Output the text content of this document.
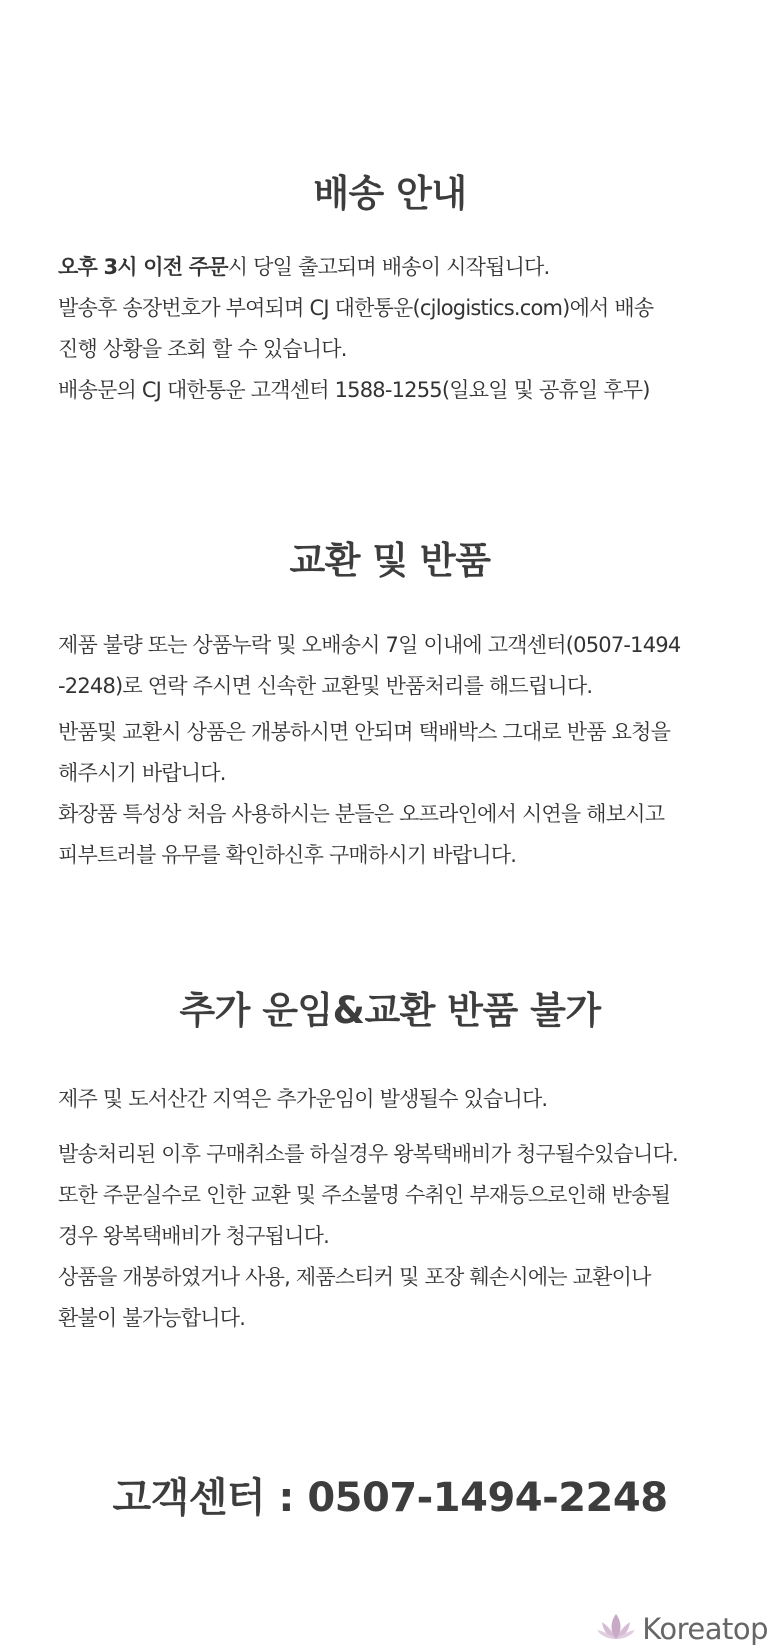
배송 안내
오후 3시 이전 주문시 당일 출고되며 배송이 시작됩니다.
발송후 송장번호가 부여되며 CJ 대한통운(cjlogistics.com)에서 배송
진행 상황을 조회 할 수 있습니다.
배송문의 CJ 대한통운 고객센터 1588-1255(일요일 및 공휴일 후무)
교환 및 반품
제품 불량 또는 상품누락 및 오배송시 7일 이내에 고객센터(0507-1494
-2248)로 연락 주시면 신속한 교환및 반품처리를 해드립니다.
반품및 교환시 상품은 개봉하시면 안되며 택배박스 그대로 반품 요청을
해주시기 바랍니다.
화장품 특성상 처음 사용하시는 분들은 오프라인에서 시연을 해보시고
피부트러블 유무를 확인하신후 구매하시기 바랍니다.
추가 운임&교환 반품 불가
제주 및 도서산간 지역은 추가운임이 발생될수 있습니다.
발송처리된 이후 구매취소를 하실경우 왕복택배비가 청구될수있습니다.
또한 주문실수로 인한 교환 및 주소불명 수취인 부재등으로인해 반송될
경우 왕복택배비가 청구됩니다.
상품을 개봉하였거나 사용, 제품스티커 및 포장 훼손시에는 교환이나
환불이 불가능합니다.
고객센터 : 0507-1494-2248
Koreatop
